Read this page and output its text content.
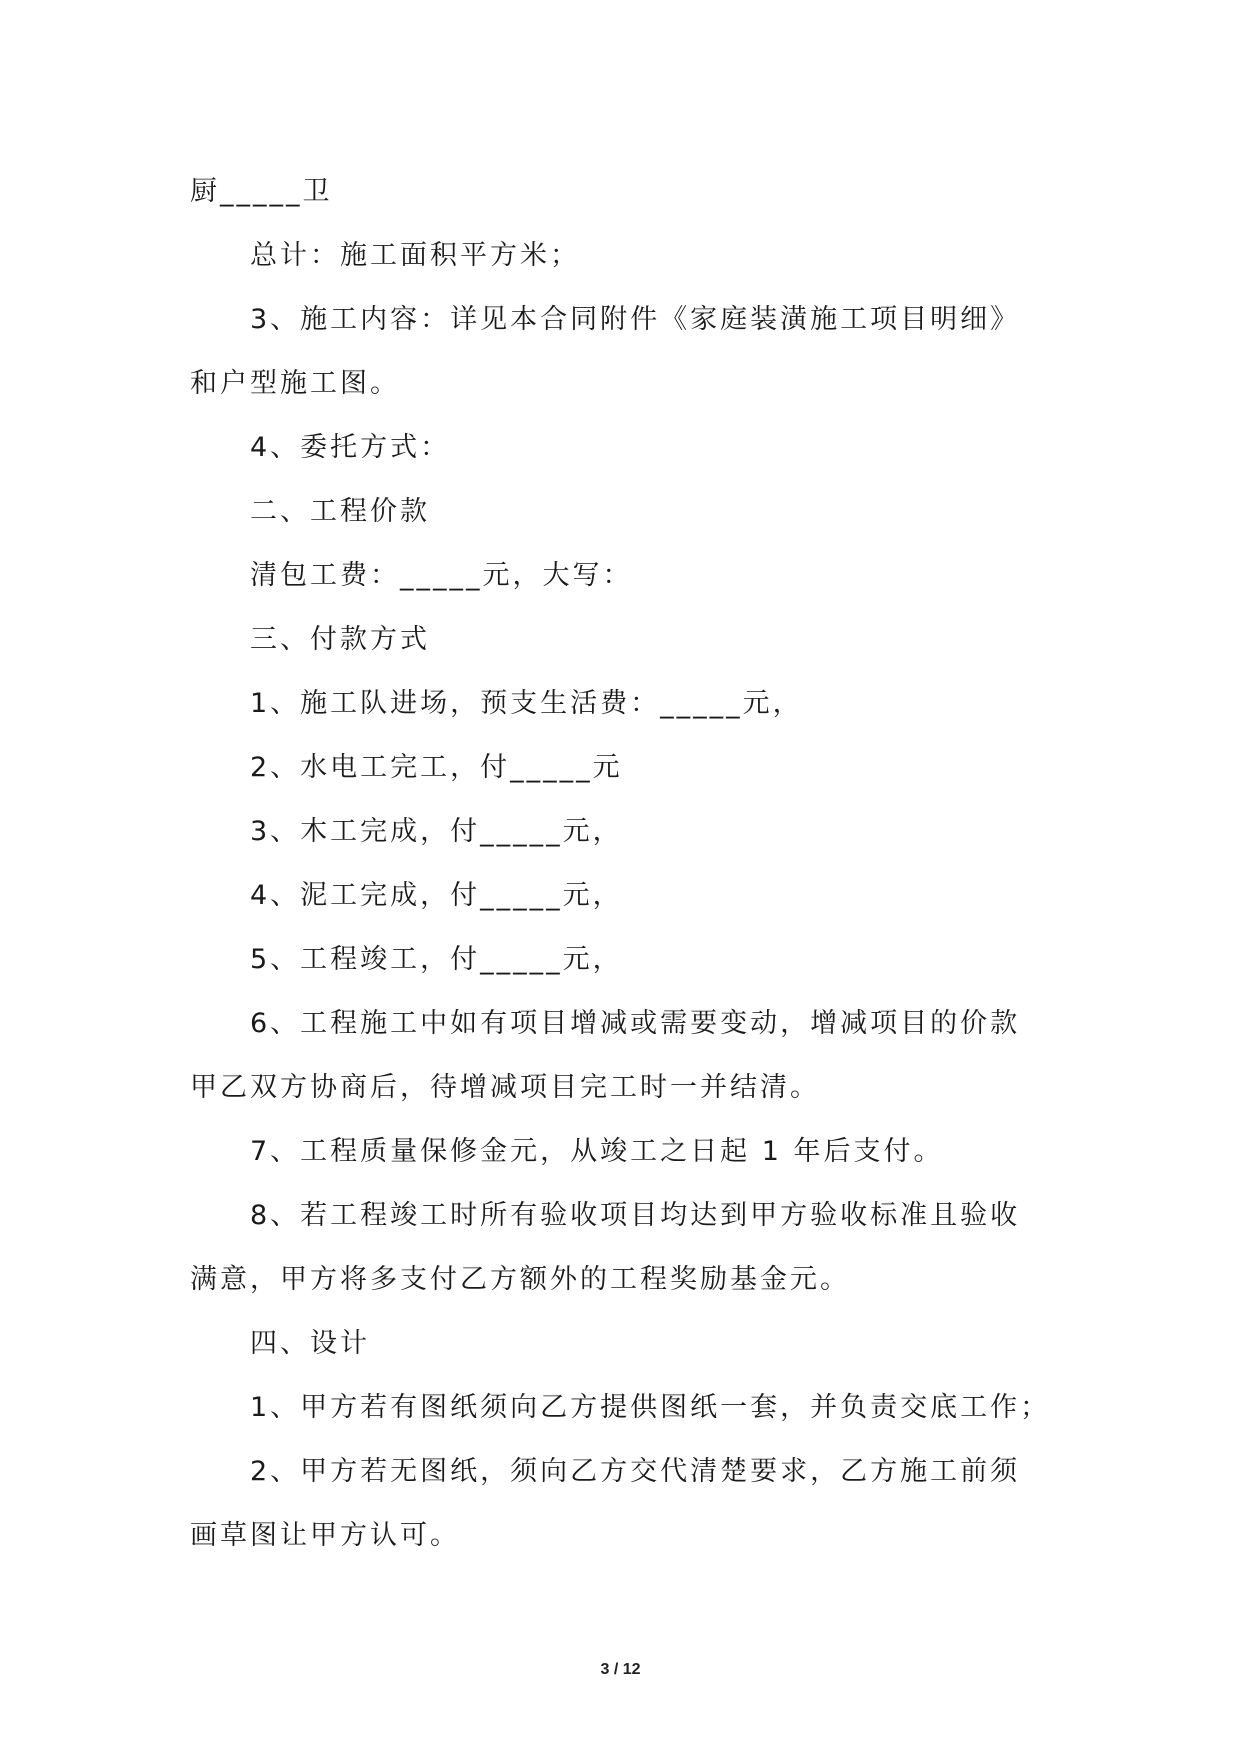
厨_____卫

总计：施工面积平方米；

3、施工内容：详见本合同附件《家庭装潢施工项目明细》

和户型施工图。

4、委托方式：

二、工程价款

清包工费：_____元，大写：

三、付款方式

1、施工队进场，预支生活费：_____元，

2、水电工完工，付_____元

3、木工完成，付_____元，

4、泥工完成，付_____元，

5、工程竣工，付_____元，

6、工程施工中如有项目增减或需要变动，增减项目的价款

甲乙双方协商后，待增减项目完工时一并结清。

7、工程质量保修金元，从竣工之日起 1 年后支付。

8、若工程竣工时所有验收项目均达到甲方验收标准且验收

满意，甲方将多支付乙方额外的工程奖励基金元。

四、设计

1、甲方若有图纸须向乙方提供图纸一套，并负责交底工作；

2、甲方若无图纸，须向乙方交代清楚要求，乙方施工前须

画草图让甲方认可。

3 / 12
